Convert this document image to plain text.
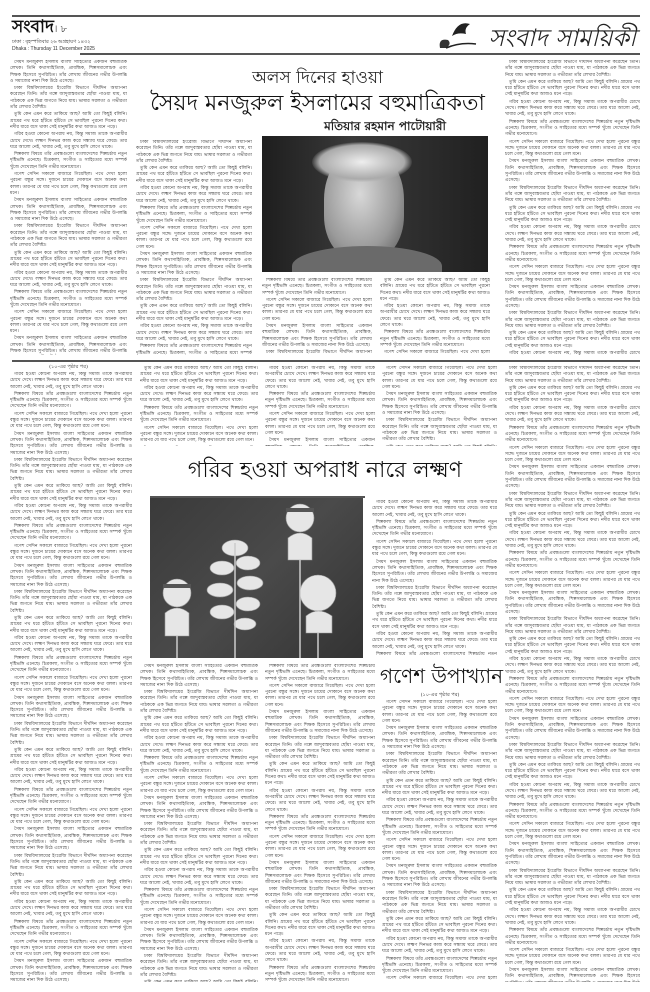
সংবাদ। ৮
ঢাকা : বৃহস্পতিবার ২৬ অগ্রহায়ণ ১৪৩২
Dhaka : Thursday 11 December 2025	সংবাদ সাময়িকী
অলস দিনের হাওয়া
সৈয়দ মনজুরুল ইসলামের বহুমাত্রিকতা
মতিয়ার রহমান পাটোয়ারী

সৈয়দ মনজুরুল ইসলাম বাংলা সাহিত্যের একজন বহুমাত্রিক লেখক। তিনি কথাসাহিত্যিক, প্রাবন্ধিক, শিল্পসমালোচক এবং শিক্ষক হিসেবে সুপরিচিত। তাঁর লেখায় জীবনের গভীর উপলব্ধি ও সমাজের নানা দিক উঠে এসেছে।

ঢাকা বিশ্ববিদ্যালয়ের ইংরেজি বিভাগে দীর্ঘদিন অধ্যাপনা করেছেন তিনি। তাঁর গল্পে জাদুবাস্তবতার ছোঁয়া পাওয়া যায়, যা পাঠককে এক ভিন্ন জগতে নিয়ে যায়। ভাষার সরলতা ও গভীরতা তাঁর লেখার বৈশিষ্ট্য।

তুমি কেন এমন করে তাকিয়ে আছ? আমি তো কিছুই বলিনি। গ্রামের পথ ধরে হাঁটতে হাঁটতে সে ভাবছিল পুরনো দিনের কথা। নদীর ধারে বসে থাকা সেই মানুষটির কথা আজও মনে পড়ে।

গরিব হওয়া কোনো অপরাধ নয়, কিন্তু সমাজ তাকে অপরাধীর চোখে দেখে। লক্ষ্মণ দিনভর কাজ করে সন্ধ্যায় ঘরে ফেরে। তার ঘরে আলো নেই, খাবার নেই, তবু মুখে হাসি লেগে থাকে।

শিল্পকলা বিষয়ে তাঁর প্রবন্ধগুলো বাংলাদেশের শিল্পচর্চায় নতুন দৃষ্টিভঙ্গি এনেছে। চিত্রকলা, সংগীত ও সাহিত্যের মধ্যে সম্পর্ক খুঁজে দেখেছেন তিনি গভীর মনোযোগে।

গণেশ সেদিন সকালে বাজারে গিয়েছিল। পথে দেখা হলো পুরনো বন্ধুর সঙ্গে। দুজনে চায়ের দোকানে বসে অনেক কথা বলল। তারপর যে যার পথে চলে গেল, কিন্তু কথাগুলো রয়ে গেল মনে।

সৈয়দ মনজুরুল ইসলাম বাংলা সাহিত্যের একজন বহুমাত্রিক লেখক। তিনি কথাসাহিত্যিক, প্রাবন্ধিক, শিল্পসমালোচক এবং শিক্ষক হিসেবে সুপরিচিত। তাঁর লেখায় জীবনের গভীর উপলব্ধি ও সমাজের নানা দিক উঠে এসেছে।

ঢাকা বিশ্ববিদ্যালয়ের ইংরেজি বিভাগে দীর্ঘদিন অধ্যাপনা করেছেন তিনি। তাঁর গল্পে জাদুবাস্তবতার ছোঁয়া পাওয়া যায়, যা পাঠককে এক ভিন্ন জগতে নিয়ে যায়। ভাষার সরলতা ও গভীরতা তাঁর লেখার বৈশিষ্ট্য।

তুমি কেন এমন করে তাকিয়ে আছ? আমি তো কিছুই বলিনি। গ্রামের পথ ধরে হাঁটতে হাঁটতে সে ভাবছিল পুরনো দিনের কথা। নদীর ধারে বসে থাকা সেই মানুষটির কথা আজও মনে পড়ে।

গরিব হওয়া কোনো অপরাধ নয়, কিন্তু সমাজ তাকে অপরাধীর চোখে দেখে। লক্ষ্মণ দিনভর কাজ করে সন্ধ্যায় ঘরে ফেরে। তার ঘরে আলো নেই, খাবার নেই, তবু মুখে হাসি লেগে থাকে।

শিল্পকলা বিষয়ে তাঁর প্রবন্ধগুলো বাংলাদেশের শিল্পচর্চায় নতুন দৃষ্টিভঙ্গি এনেছে। চিত্রকলা, সংগীত ও সাহিত্যের মধ্যে সম্পর্ক খুঁজে দেখেছেন তিনি গভীর মনোযোগে।

গণেশ সেদিন সকালে বাজারে গিয়েছিল। পথে দেখা হলো পুরনো বন্ধুর সঙ্গে। দুজনে চায়ের দোকানে বসে অনেক কথা বলল। তারপর যে যার পথে চলে গেল, কিন্তু কথাগুলো রয়ে গেল মনে।

সৈয়দ মনজুরুল ইসলাম বাংলা সাহিত্যের একজন বহুমাত্রিক লেখক। তিনি কথাসাহিত্যিক, প্রাবন্ধিক, শিল্পসমালোচক এবং শিক্ষক হিসেবে সুপরিচিত। তাঁর লেখায় জীবনের গভীর উপলব্ধি

ঢাকা বিশ্ববিদ্যালয়ের ইংরেজি বিভাগে দীর্ঘদিন অধ্যাপনা করেছেন তিনি। তাঁর গল্পে জাদুবাস্তবতার ছোঁয়া পাওয়া যায়, যা পাঠককে এক ভিন্ন জগতে নিয়ে যায়। ভাষার সরলতা ও গভীরতা তাঁর লেখার বৈশিষ্ট্য।

তুমি কেন এমন করে তাকিয়ে আছ? আমি তো কিছুই বলিনি। গ্রামের পথ ধরে হাঁটতে হাঁটতে সে ভাবছিল পুরনো দিনের কথা। নদীর ধারে বসে থাকা সেই মানুষটির কথা আজও মনে পড়ে।

গরিব হওয়া কোনো অপরাধ নয়, কিন্তু সমাজ তাকে অপরাধীর চোখে দেখে। লক্ষ্মণ দিনভর কাজ করে সন্ধ্যায় ঘরে ফেরে। তার ঘরে আলো নেই, খাবার নেই, তবু মুখে হাসি লেগে থাকে।

শিল্পকলা বিষয়ে তাঁর প্রবন্ধগুলো বাংলাদেশের শিল্পচর্চায় নতুন দৃষ্টিভঙ্গি এনেছে। চিত্রকলা, সংগীত ও সাহিত্যের মধ্যে সম্পর্ক খুঁজে দেখেছেন তিনি গভীর মনোযোগে।

গণেশ সেদিন সকালে বাজারে গিয়েছিল। পথে দেখা হলো পুরনো বন্ধুর সঙ্গে। দুজনে চায়ের দোকানে বসে অনেক কথা বলল। তারপর যে যার পথে চলে গেল, কিন্তু কথাগুলো রয়ে গেল মনে।

সৈয়দ মনজুরুল ইসলাম বাংলা সাহিত্যের একজন বহুমাত্রিক লেখক। তিনি কথাসাহিত্যিক, প্রাবন্ধিক, শিল্পসমালোচক এবং শিক্ষক হিসেবে সুপরিচিত। তাঁর লেখায় জীবনের গভীর উপলব্ধি ও সমাজের নানা দিক উঠে এসেছে।

ঢাকা বিশ্ববিদ্যালয়ের ইংরেজি বিভাগে দীর্ঘদিন অধ্যাপনা করেছেন তিনি। তাঁর গল্পে জাদুবাস্তবতার ছোঁয়া পাওয়া যায়, যা পাঠককে এক ভিন্ন জগতে নিয়ে যায়। ভাষার সরলতা ও গভীরতা তাঁর লেখার বৈশিষ্ট্য।

তুমি কেন এমন করে তাকিয়ে আছ? আমি তো কিছুই বলিনি। গ্রামের পথ ধরে হাঁটতে হাঁটতে সে ভাবছিল পুরনো দিনের কথা। নদীর ধারে বসে থাকা সেই মানুষটির কথা আজও মনে পড়ে।

গরিব হওয়া কোনো অপরাধ নয়, কিন্তু সমাজ তাকে অপরাধীর চোখে দেখে। লক্ষ্মণ দিনভর কাজ করে সন্ধ্যায় ঘরে ফেরে। তার ঘরে আলো নেই, খাবার নেই, তবু মুখে হাসি লেগে থাকে।

শিল্পকলা বিষয়ে তাঁর প্রবন্ধগুলো বাংলাদেশের শিল্পচর্চায় নতুন দৃষ্টিভঙ্গি এনেছে। চিত্রকলা, সংগীত ও সাহিত্যের মধ্যে সম্পর্ক

শিল্পকলা বিষয়ে তাঁর প্রবন্ধগুলো বাংলাদেশের শিল্পচর্চায় নতুন দৃষ্টিভঙ্গি এনেছে। চিত্রকলা, সংগীত ও সাহিত্যের মধ্যে সম্পর্ক খুঁজে দেখেছেন তিনি গভীর মনোযোগে।

গণেশ সেদিন সকালে বাজারে গিয়েছিল। পথে দেখা হলো পুরনো বন্ধুর সঙ্গে। দুজনে চায়ের দোকানে বসে অনেক কথা বলল। তারপর যে যার পথে চলে গেল, কিন্তু কথাগুলো রয়ে গেল মনে।

সৈয়দ মনজুরুল ইসলাম বাংলা সাহিত্যের একজন বহুমাত্রিক লেখক। তিনি কথাসাহিত্যিক, প্রাবন্ধিক, শিল্পসমালোচক এবং শিক্ষক হিসেবে সুপরিচিত। তাঁর লেখায় জীবনের গভীর উপলব্ধি ও সমাজের নানা দিক উঠে এসেছে।

ঢাকা বিশ্ববিদ্যালয়ের ইংরেজি বিভাগে দীর্ঘদিন অধ্যাপনা

তুমি কেন এমন করে তাকিয়ে আছ? আমি তো কিছুই বলিনি। গ্রামের পথ ধরে হাঁটতে হাঁটতে সে ভাবছিল পুরনো দিনের কথা। নদীর ধারে বসে থাকা সেই মানুষটির কথা আজও মনে পড়ে।

গরিব হওয়া কোনো অপরাধ নয়, কিন্তু সমাজ তাকে অপরাধীর চোখে দেখে। লক্ষ্মণ দিনভর কাজ করে সন্ধ্যায় ঘরে ফেরে। তার ঘরে আলো নেই, খাবার নেই, তবু মুখে হাসি লেগে থাকে।

শিল্পকলা বিষয়ে তাঁর প্রবন্ধগুলো বাংলাদেশের শিল্পচর্চায় নতুন দৃষ্টিভঙ্গি এনেছে। চিত্রকলা, সংগীত ও সাহিত্যের মধ্যে সম্পর্ক খুঁজে দেখেছেন তিনি গভীর মনোযোগে।

গণেশ সেদিন সকালে বাজারে গিয়েছিল। পথে দেখা হলো

ঢাকা বিশ্ববিদ্যালয়ের ইংরেজি বিভাগে দীর্ঘদিন অধ্যাপনা করেছেন তিনি। তাঁর গল্পে জাদুবাস্তবতার ছোঁয়া পাওয়া যায়, যা পাঠককে এক ভিন্ন জগতে নিয়ে যায়। ভাষার সরলতা ও গভীরতা তাঁর লেখার বৈশিষ্ট্য।

তুমি কেন এমন করে তাকিয়ে আছ? আমি তো কিছুই বলিনি। গ্রামের পথ ধরে হাঁটতে হাঁটতে সে ভাবছিল পুরনো দিনের কথা। নদীর ধারে বসে থাকা সেই মানুষটির কথা আজও মনে পড়ে।

গরিব হওয়া কোনো অপরাধ নয়, কিন্তু সমাজ তাকে অপরাধীর চোখে দেখে। লক্ষ্মণ দিনভর কাজ করে সন্ধ্যায় ঘরে ফেরে। তার ঘরে আলো নেই, খাবার নেই, তবু মুখে হাসি লেগে থাকে।

শিল্পকলা বিষয়ে তাঁর প্রবন্ধগুলো বাংলাদেশের শিল্পচর্চায় নতুন দৃষ্টিভঙ্গি এনেছে। চিত্রকলা, সংগীত ও সাহিত্যের মধ্যে সম্পর্ক খুঁজে দেখেছেন তিনি গভীর মনোযোগে।

গণেশ সেদিন সকালে বাজারে গিয়েছিল। পথে দেখা হলো পুরনো বন্ধুর সঙ্গে। দুজনে চায়ের দোকানে বসে অনেক কথা বলল। তারপর যে যার পথে চলে গেল, কিন্তু কথাগুলো রয়ে গেল মনে।

সৈয়দ মনজুরুল ইসলাম বাংলা সাহিত্যের একজন বহুমাত্রিক লেখক। তিনি কথাসাহিত্যিক, প্রাবন্ধিক, শিল্পসমালোচক এবং শিক্ষক হিসেবে সুপরিচিত। তাঁর লেখায় জীবনের গভীর উপলব্ধি ও সমাজের নানা দিক উঠে এসেছে।

ঢাকা বিশ্ববিদ্যালয়ের ইংরেজি বিভাগে দীর্ঘদিন অধ্যাপনা করেছেন তিনি। তাঁর গল্পে জাদুবাস্তবতার ছোঁয়া পাওয়া যায়, যা পাঠককে এক ভিন্ন জগতে নিয়ে যায়। ভাষার সরলতা ও গভীরতা তাঁর লেখার বৈশিষ্ট্য।

তুমি কেন এমন করে তাকিয়ে আছ? আমি তো কিছুই বলিনি। গ্রামের পথ ধরে হাঁটতে হাঁটতে সে ভাবছিল পুরনো দিনের কথা। নদীর ধারে বসে থাকা সেই মানুষটির কথা আজও মনে পড়ে।

গরিব হওয়া কোনো অপরাধ নয়, কিন্তু সমাজ তাকে অপরাধীর চোখে দেখে। লক্ষ্মণ দিনভর কাজ করে সন্ধ্যায় ঘরে ফেরে। তার ঘরে আলো নেই, খাবার নেই, তবু মুখে হাসি লেগে থাকে।

শিল্পকলা বিষয়ে তাঁর প্রবন্ধগুলো বাংলাদেশের শিল্পচর্চায় নতুন দৃষ্টিভঙ্গি এনেছে। চিত্রকলা, সংগীত ও সাহিত্যের মধ্যে সম্পর্ক খুঁজে দেখেছেন তিনি গভীর মনোযোগে।

গণেশ সেদিন সকালে বাজারে গিয়েছিল। পথে দেখা হলো পুরনো বন্ধুর সঙ্গে। দুজনে চায়ের দোকানে বসে অনেক কথা বলল। তারপর যে যার পথে চলে গেল, কিন্তু কথাগুলো রয়ে গেল মনে।

সৈয়দ মনজুরুল ইসলাম বাংলা সাহিত্যের একজন বহুমাত্রিক লেখক। তিনি কথাসাহিত্যিক, প্রাবন্ধিক, শিল্পসমালোচক এবং শিক্ষক হিসেবে সুপরিচিত। তাঁর লেখায় জীবনের গভীর উপলব্ধি ও সমাজের নানা দিক উঠে এসেছে।

ঢাকা বিশ্ববিদ্যালয়ের ইংরেজি বিভাগে দীর্ঘদিন অধ্যাপনা করেছেন তিনি। তাঁর গল্পে জাদুবাস্তবতার ছোঁয়া পাওয়া যায়, যা পাঠককে এক ভিন্ন জগতে নিয়ে যায়। ভাষার সরলতা ও গভীরতা তাঁর লেখার বৈশিষ্ট্য।

তুমি কেন এমন করে তাকিয়ে আছ? আমি তো কিছুই বলিনি। গ্রামের পথ ধরে হাঁটতে হাঁটতে সে ভাবছিল পুরনো দিনের কথা। নদীর ধারে বসে থাকা সেই মানুষটির কথা আজও মনে পড়ে।

গরিব হওয়া কোনো অপরাধ নয়, কিন্তু সমাজ তাকে অপরাধীর চোখে

(১০-এর পৃষ্ঠার পর)

গরিব হওয়া কোনো অপরাধ নয়, কিন্তু সমাজ তাকে অপরাধীর চোখে দেখে। লক্ষ্মণ দিনভর কাজ করে সন্ধ্যায় ঘরে ফেরে। তার ঘরে আলো নেই, খাবার নেই, তবু মুখে হাসি লেগে থাকে।

শিল্পকলা বিষয়ে তাঁর প্রবন্ধগুলো বাংলাদেশের শিল্পচর্চায় নতুন দৃষ্টিভঙ্গি এনেছে। চিত্রকলা, সংগীত ও সাহিত্যের মধ্যে সম্পর্ক খুঁজে দেখেছেন তিনি গভীর মনোযোগে।

গণেশ সেদিন সকালে বাজারে গিয়েছিল। পথে দেখা হলো পুরনো বন্ধুর সঙ্গে। দুজনে চায়ের দোকানে বসে অনেক কথা বলল। তারপর যে যার পথে চলে গেল, কিন্তু কথাগুলো রয়ে গেল মনে।

সৈয়দ মনজুরুল ইসলাম বাংলা সাহিত্যের একজন বহুমাত্রিক লেখক। তিনি কথাসাহিত্যিক, প্রাবন্ধিক, শিল্পসমালোচক এবং শিক্ষক হিসেবে সুপরিচিত। তাঁর লেখায় জীবনের গভীর উপলব্ধি ও সমাজের নানা দিক উঠে এসেছে।

ঢাকা বিশ্ববিদ্যালয়ের ইংরেজি বিভাগে দীর্ঘদিন অধ্যাপনা করেছেন তিনি। তাঁর গল্পে জাদুবাস্তবতার ছোঁয়া পাওয়া যায়, যা পাঠককে এক ভিন্ন জগতে নিয়ে যায়। ভাষার সরলতা ও গভীরতা তাঁর লেখার বৈশিষ্ট্য।

তুমি কেন এমন করে তাকিয়ে আছ? আমি তো কিছুই বলিনি। গ্রামের পথ ধরে হাঁটতে হাঁটতে সে ভাবছিল পুরনো দিনের কথা। নদীর ধারে বসে থাকা সেই মানুষটির কথা আজও মনে পড়ে।

গরিব হওয়া কোনো অপরাধ নয়, কিন্তু সমাজ তাকে অপরাধীর চোখে দেখে। লক্ষ্মণ দিনভর কাজ করে সন্ধ্যায় ঘরে ফেরে। তার ঘরে আলো নেই, খাবার নেই, তবু মুখে হাসি লেগে থাকে।

শিল্পকলা বিষয়ে তাঁর প্রবন্ধগুলো বাংলাদেশের শিল্পচর্চায় নতুন দৃষ্টিভঙ্গি এনেছে। চিত্রকলা, সংগীত ও সাহিত্যের মধ্যে সম্পর্ক খুঁজে দেখেছেন তিনি গভীর মনোযোগে।

গণেশ সেদিন সকালে বাজারে গিয়েছিল। পথে দেখা হলো পুরনো বন্ধুর সঙ্গে। দুজনে চায়ের দোকানে বসে অনেক কথা বলল। তারপর যে যার পথে চলে গেল, কিন্তু কথাগুলো রয়ে গেল মনে।

সৈয়দ মনজুরুল ইসলাম বাংলা সাহিত্যের একজন বহুমাত্রিক লেখক। তিনি কথাসাহিত্যিক, প্রাবন্ধিক, শিল্পসমালোচক এবং শিক্ষক হিসেবে সুপরিচিত। তাঁর লেখায় জীবনের গভীর উপলব্ধি ও সমাজের নানা দিক উঠে এসেছে।

ঢাকা বিশ্ববিদ্যালয়ের ইংরেজি বিভাগে দীর্ঘদিন অধ্যাপনা করেছেন তিনি। তাঁর গল্পে জাদুবাস্তবতার ছোঁয়া পাওয়া যায়, যা পাঠককে এক ভিন্ন জগতে নিয়ে যায়। ভাষার সরলতা ও গভীরতা তাঁর লেখার বৈশিষ্ট্য।

তুমি কেন এমন করে তাকিয়ে আছ? আমি তো কিছুই বলিনি। গ্রামের পথ ধরে হাঁটতে হাঁটতে সে ভাবছিল পুরনো দিনের কথা। নদীর ধারে বসে থাকা সেই মানুষটির কথা আজও মনে পড়ে।

গরিব হওয়া কোনো অপরাধ নয়, কিন্তু সমাজ তাকে অপরাধীর চোখে দেখে। লক্ষ্মণ দিনভর কাজ করে সন্ধ্যায় ঘরে ফেরে। তার ঘরে আলো নেই, খাবার নেই, তবু মুখে হাসি লেগে থাকে।

শিল্পকলা বিষয়ে তাঁর প্রবন্ধগুলো বাংলাদেশের শিল্পচর্চায় নতুন দৃষ্টিভঙ্গি এনেছে। চিত্রকলা, সংগীত ও সাহিত্যের মধ্যে সম্পর্ক খুঁজে দেখেছেন তিনি গভীর মনোযোগে।

গণেশ সেদিন সকালে বাজারে গিয়েছিল। পথে দেখা হলো পুরনো বন্ধুর সঙ্গে। দুজনে চায়ের দোকানে বসে অনেক কথা বলল। তারপর যে যার পথে চলে গেল, কিন্তু কথাগুলো রয়ে গেল মনে।

সৈয়দ মনজুরুল ইসলাম বাংলা সাহিত্যের একজন বহুমাত্রিক লেখক। তিনি কথাসাহিত্যিক, প্রাবন্ধিক, শিল্পসমালোচক এবং শিক্ষক হিসেবে সুপরিচিত। তাঁর লেখায় জীবনের গভীর উপলব্ধি ও সমাজের নানা দিক উঠে এসেছে।

ঢাকা বিশ্ববিদ্যালয়ের ইংরেজি বিভাগে দীর্ঘদিন অধ্যাপনা করেছেন তিনি। তাঁর গল্পে জাদুবাস্তবতার ছোঁয়া পাওয়া যায়, যা পাঠককে এক ভিন্ন জগতে নিয়ে যায়। ভাষার সরলতা ও গভীরতা তাঁর লেখার বৈশিষ্ট্য।

তুমি কেন এমন করে তাকিয়ে আছ? আমি তো কিছুই বলিনি। গ্রামের পথ ধরে হাঁটতে হাঁটতে সে ভাবছিল পুরনো দিনের কথা। নদীর ধারে বসে থাকা সেই মানুষটির কথা আজও মনে পড়ে।

গরিব হওয়া কোনো অপরাধ নয়, কিন্তু সমাজ তাকে অপরাধীর চোখে দেখে। লক্ষ্মণ দিনভর কাজ করে সন্ধ্যায় ঘরে ফেরে। তার ঘরে আলো নেই, খাবার নেই, তবু মুখে হাসি লেগে থাকে।

শিল্পকলা বিষয়ে তাঁর প্রবন্ধগুলো বাংলাদেশের শিল্পচর্চায় নতুন দৃষ্টিভঙ্গি এনেছে। চিত্রকলা, সংগীত ও সাহিত্যের মধ্যে সম্পর্ক খুঁজে দেখেছেন তিনি গভীর মনোযোগে।

গণেশ সেদিন সকালে বাজারে গিয়েছিল। পথে দেখা হলো পুরনো বন্ধুর সঙ্গে। দুজনে চায়ের দোকানে বসে অনেক কথা বলল। তারপর যে যার পথে চলে গেল, কিন্তু কথাগুলো রয়ে গেল মনে।

সৈয়দ মনজুরুল ইসলাম বাংলা সাহিত্যের একজন বহুমাত্রিক লেখক। তিনি কথাসাহিত্যিক, প্রাবন্ধিক, শিল্পসমালোচক এবং শিক্ষক হিসেবে সুপরিচিত। তাঁর লেখায় জীবনের গভীর উপলব্ধি ও সমাজের নানা দিক উঠে এসেছে।

ঢাকা বিশ্ববিদ্যালয়ের ইংরেজি বিভাগে দীর্ঘদিন অধ্যাপনা করেছেন তিনি। তাঁর গল্পে জাদুবাস্তবতার ছোঁয়া পাওয়া যায়, যা পাঠককে এক ভিন্ন জগতে নিয়ে যায়। ভাষার সরলতা ও গভীরতা তাঁর লেখার বৈশিষ্ট্য।

তুমি কেন এমন করে তাকিয়ে আছ? আমি তো কিছুই বলিনি। গ্রামের পথ ধরে হাঁটতে হাঁটতে সে ভাবছিল পুরনো দিনের কথা। নদীর ধারে বসে থাকা সেই মানুষটির কথা আজও মনে পড়ে।

গরিব হওয়া কোনো অপরাধ নয়, কিন্তু সমাজ তাকে অপরাধীর চোখে দেখে। লক্ষ্মণ দিনভর কাজ করে সন্ধ্যায় ঘরে ফেরে। তার ঘরে আলো নেই, খাবার নেই, তবু মুখে হাসি লেগে থাকে।

শিল্পকলা বিষয়ে তাঁর প্রবন্ধগুলো বাংলাদেশের শিল্পচর্চায় নতুন দৃষ্টিভঙ্গি এনেছে। চিত্রকলা, সংগীত ও সাহিত্যের মধ্যে সম্পর্ক খুঁজে দেখেছেন তিনি গভীর মনোযোগে।

গণেশ সেদিন সকালে বাজারে গিয়েছিল। পথে দেখা হলো পুরনো বন্ধুর সঙ্গে। দুজনে চায়ের দোকানে বসে অনেক কথা বলল। তারপর যে যার পথে চলে গেল, কিন্তু কথাগুলো রয়ে গেল মনে।

সৈয়দ মনজুরুল ইসলাম বাংলা সাহিত্যের একজন বহুমাত্রিক লেখক। তিনি কথাসাহিত্যিক, প্রাবন্ধিক, শিল্পসমালোচক এবং শিক্ষক হিসেবে সুপরিচিত। তাঁর লেখায় জীবনের গভীর উপলব্ধি ও সমাজের নানা দিক উঠে এসেছে।

তুমি কেন এমন করে তাকিয়ে আছ? আমি তো কিছুই বলিনি। গ্রামের পথ ধরে হাঁটতে হাঁটতে সে ভাবছিল পুরনো দিনের কথা। নদীর ধারে বসে থাকা সেই মানুষটির কথা আজও মনে পড়ে।

গরিব হওয়া কোনো অপরাধ নয়, কিন্তু সমাজ তাকে অপরাধীর চোখে দেখে। লক্ষ্মণ দিনভর কাজ করে সন্ধ্যায় ঘরে ফেরে। তার ঘরে আলো নেই, খাবার নেই, তবু মুখে হাসি লেগে থাকে।

শিল্পকলা বিষয়ে তাঁর প্রবন্ধগুলো বাংলাদেশের শিল্পচর্চায় নতুন দৃষ্টিভঙ্গি এনেছে। চিত্রকলা, সংগীত ও সাহিত্যের মধ্যে সম্পর্ক খুঁজে দেখেছেন তিনি গভীর মনোযোগে।

গণেশ সেদিন সকালে বাজারে গিয়েছিল। পথে দেখা হলো পুরনো বন্ধুর সঙ্গে। দুজনে চায়ের দোকানে বসে অনেক কথা বলল। তারপর যে যার পথে চলে গেল, কিন্তু কথাগুলো রয়ে গেল মনে।

গরিব হওয়া কোনো অপরাধ নয়, কিন্তু সমাজ তাকে অপরাধীর চোখে দেখে। লক্ষ্মণ দিনভর কাজ করে সন্ধ্যায় ঘরে ফেরে। তার ঘরে আলো নেই, খাবার নেই, তবু মুখে হাসি লেগে থাকে।

শিল্পকলা বিষয়ে তাঁর প্রবন্ধগুলো বাংলাদেশের শিল্পচর্চায় নতুন দৃষ্টিভঙ্গি এনেছে। চিত্রকলা, সংগীত ও সাহিত্যের মধ্যে সম্পর্ক খুঁজে দেখেছেন তিনি গভীর মনোযোগে।

গণেশ সেদিন সকালে বাজারে গিয়েছিল। পথে দেখা হলো পুরনো বন্ধুর সঙ্গে। দুজনে চায়ের দোকানে বসে অনেক কথা বলল। তারপর যে যার পথে চলে গেল, কিন্তু কথাগুলো রয়ে গেল মনে।

সৈয়দ মনজুরুল ইসলাম বাংলা সাহিত্যের একজন

গণেশ সেদিন সকালে বাজারে গিয়েছিল। পথে দেখা হলো পুরনো বন্ধুর সঙ্গে। দুজনে চায়ের দোকানে বসে অনেক কথা বলল। তারপর যে যার পথে চলে গেল, কিন্তু কথাগুলো রয়ে গেল মনে।

সৈয়দ মনজুরুল ইসলাম বাংলা সাহিত্যের একজন বহুমাত্রিক লেখক। তিনি কথাসাহিত্যিক, প্রাবন্ধিক, শিল্পসমালোচক এবং শিক্ষক হিসেবে সুপরিচিত। তাঁর লেখায় জীবনের গভীর উপলব্ধি ও সমাজের নানা দিক উঠে এসেছে।

ঢাকা বিশ্ববিদ্যালয়ের ইংরেজি বিভাগে দীর্ঘদিন অধ্যাপনা করেছেন তিনি। তাঁর গল্পে জাদুবাস্তবতার ছোঁয়া পাওয়া যায়, যা পাঠককে এক ভিন্ন জগতে নিয়ে যায়। ভাষার সরলতা ও গভীরতা তাঁর লেখার বৈশিষ্ট্য।

গরিব হওয়া অপরাধ নারে লক্ষ্মণ

সৈয়দ মনজুরুল ইসলাম বাংলা সাহিত্যের একজন বহুমাত্রিক লেখক। তিনি কথাসাহিত্যিক, প্রাবন্ধিক, শিল্পসমালোচক এবং শিক্ষক হিসেবে সুপরিচিত। তাঁর লেখায় জীবনের গভীর উপলব্ধি ও সমাজের নানা দিক উঠে এসেছে।

ঢাকা বিশ্ববিদ্যালয়ের ইংরেজি বিভাগে দীর্ঘদিন অধ্যাপনা করেছেন তিনি। তাঁর গল্পে জাদুবাস্তবতার ছোঁয়া পাওয়া যায়, যা পাঠককে এক ভিন্ন জগতে নিয়ে যায়। ভাষার সরলতা ও গভীরতা তাঁর লেখার বৈশিষ্ট্য।

তুমি কেন এমন করে তাকিয়ে আছ? আমি তো কিছুই বলিনি। গ্রামের পথ ধরে হাঁটতে হাঁটতে সে ভাবছিল পুরনো দিনের কথা। নদীর ধারে বসে থাকা সেই মানুষটির কথা আজও মনে পড়ে।

গরিব হওয়া কোনো অপরাধ নয়, কিন্তু সমাজ তাকে অপরাধীর চোখে দেখে। লক্ষ্মণ দিনভর কাজ করে সন্ধ্যায় ঘরে ফেরে। তার ঘরে আলো নেই, খাবার নেই, তবু মুখে হাসি লেগে থাকে।

শিল্পকলা বিষয়ে তাঁর প্রবন্ধগুলো বাংলাদেশের শিল্পচর্চায় নতুন দৃষ্টিভঙ্গি এনেছে। চিত্রকলা, সংগীত ও সাহিত্যের মধ্যে সম্পর্ক খুঁজে দেখেছেন তিনি গভীর মনোযোগে।

গণেশ সেদিন সকালে বাজারে গিয়েছিল। পথে দেখা হলো পুরনো বন্ধুর সঙ্গে। দুজনে চায়ের দোকানে বসে অনেক কথা বলল। তারপর যে যার পথে চলে গেল, কিন্তু কথাগুলো রয়ে গেল মনে।

সৈয়দ মনজুরুল ইসলাম বাংলা সাহিত্যের একজন বহুমাত্রিক লেখক। তিনি কথাসাহিত্যিক, প্রাবন্ধিক, শিল্পসমালোচক এবং শিক্ষক হিসেবে সুপরিচিত। তাঁর লেখায় জীবনের গভীর উপলব্ধি ও সমাজের নানা দিক উঠে এসেছে।

ঢাকা বিশ্ববিদ্যালয়ের ইংরেজি বিভাগে দীর্ঘদিন অধ্যাপনা করেছেন তিনি। তাঁর গল্পে জাদুবাস্তবতার ছোঁয়া পাওয়া যায়, যা পাঠককে এক ভিন্ন জগতে নিয়ে যায়। ভাষার সরলতা ও গভীরতা তাঁর লেখার বৈশিষ্ট্য।

তুমি কেন এমন করে তাকিয়ে আছ? আমি তো কিছুই বলিনি। গ্রামের পথ ধরে হাঁটতে হাঁটতে সে ভাবছিল পুরনো দিনের কথা। নদীর ধারে বসে থাকা সেই মানুষটির কথা আজও মনে পড়ে।

গরিব হওয়া কোনো অপরাধ নয়, কিন্তু সমাজ তাকে অপরাধীর চোখে দেখে। লক্ষ্মণ দিনভর কাজ করে সন্ধ্যায় ঘরে ফেরে। তার ঘরে আলো নেই, খাবার নেই, তবু মুখে হাসি লেগে থাকে।

শিল্পকলা বিষয়ে তাঁর প্রবন্ধগুলো বাংলাদেশের শিল্পচর্চায় নতুন দৃষ্টিভঙ্গি এনেছে। চিত্রকলা, সংগীত ও সাহিত্যের মধ্যে সম্পর্ক খুঁজে দেখেছেন তিনি গভীর মনোযোগে।

গণেশ সেদিন সকালে বাজারে গিয়েছিল। পথে দেখা হলো পুরনো বন্ধুর সঙ্গে। দুজনে চায়ের দোকানে বসে অনেক কথা বলল। তারপর যে যার পথে চলে গেল, কিন্তু কথাগুলো রয়ে গেল মনে।

সৈয়দ মনজুরুল ইসলাম বাংলা সাহিত্যের একজন বহুমাত্রিক লেখক। তিনি কথাসাহিত্যিক, প্রাবন্ধিক, শিল্পসমালোচক এবং শিক্ষক হিসেবে সুপরিচিত। তাঁর লেখায় জীবনের গভীর উপলব্ধি ও সমাজের নানা দিক উঠে এসেছে।

ঢাকা বিশ্ববিদ্যালয়ের ইংরেজি বিভাগে দীর্ঘদিন অধ্যাপনা করেছেন তিনি। তাঁর গল্পে জাদুবাস্তবতার ছোঁয়া পাওয়া যায়, যা পাঠককে এক ভিন্ন জগতে নিয়ে যায়। ভাষার সরলতা ও গভীরতা তাঁর লেখার বৈশিষ্ট্য।

শিল্পকলা বিষয়ে তাঁর প্রবন্ধগুলো বাংলাদেশের শিল্পচর্চায় নতুন দৃষ্টিভঙ্গি এনেছে। চিত্রকলা, সংগীত ও সাহিত্যের মধ্যে সম্পর্ক খুঁজে দেখেছেন তিনি গভীর মনোযোগে।

গণেশ সেদিন সকালে বাজারে গিয়েছিল। পথে দেখা হলো পুরনো বন্ধুর সঙ্গে। দুজনে চায়ের দোকানে বসে অনেক কথা বলল। তারপর যে যার পথে চলে গেল, কিন্তু কথাগুলো রয়ে গেল মনে।

সৈয়দ মনজুরুল ইসলাম বাংলা সাহিত্যের একজন বহুমাত্রিক লেখক। তিনি কথাসাহিত্যিক, প্রাবন্ধিক, শিল্পসমালোচক এবং শিক্ষক হিসেবে সুপরিচিত। তাঁর লেখায় জীবনের গভীর উপলব্ধি ও সমাজের নানা দিক উঠে এসেছে।

ঢাকা বিশ্ববিদ্যালয়ের ইংরেজি বিভাগে দীর্ঘদিন অধ্যাপনা করেছেন তিনি। তাঁর গল্পে জাদুবাস্তবতার ছোঁয়া পাওয়া যায়, যা পাঠককে এক ভিন্ন জগতে নিয়ে যায়। ভাষার সরলতা ও গভীরতা তাঁর লেখার বৈশিষ্ট্য।

তুমি কেন এমন করে তাকিয়ে আছ? আমি তো কিছুই বলিনি। গ্রামের পথ ধরে হাঁটতে হাঁটতে সে ভাবছিল পুরনো দিনের কথা। নদীর ধারে বসে থাকা সেই মানুষটির কথা আজও মনে পড়ে।

গরিব হওয়া কোনো অপরাধ নয়, কিন্তু সমাজ তাকে অপরাধীর চোখে দেখে। লক্ষ্মণ দিনভর কাজ করে সন্ধ্যায় ঘরে ফেরে। তার ঘরে আলো নেই, খাবার নেই, তবু মুখে হাসি লেগে থাকে।

শিল্পকলা বিষয়ে তাঁর প্রবন্ধগুলো বাংলাদেশের শিল্পচর্চায় নতুন দৃষ্টিভঙ্গি এনেছে। চিত্রকলা, সংগীত ও সাহিত্যের মধ্যে সম্পর্ক খুঁজে দেখেছেন তিনি গভীর মনোযোগে।

গণেশ সেদিন সকালে বাজারে গিয়েছিল। পথে দেখা হলো পুরনো বন্ধুর সঙ্গে। দুজনে চায়ের দোকানে বসে অনেক কথা বলল। তারপর যে যার পথে চলে গেল, কিন্তু কথাগুলো রয়ে গেল মনে।

সৈয়দ মনজুরুল ইসলাম বাংলা সাহিত্যের একজন বহুমাত্রিক লেখক। তিনি কথাসাহিত্যিক, প্রাবন্ধিক, শিল্পসমালোচক এবং শিক্ষক হিসেবে সুপরিচিত। তাঁর লেখায় জীবনের গভীর উপলব্ধি ও সমাজের নানা দিক উঠে এসেছে।

ঢাকা বিশ্ববিদ্যালয়ের ইংরেজি বিভাগে দীর্ঘদিন অধ্যাপনা করেছেন তিনি। তাঁর গল্পে জাদুবাস্তবতার ছোঁয়া পাওয়া যায়, যা পাঠককে এক ভিন্ন জগতে নিয়ে যায়। ভাষার সরলতা ও গভীরতা তাঁর লেখার বৈশিষ্ট্য।

তুমি কেন এমন করে তাকিয়ে আছ? আমি তো কিছুই বলিনি। গ্রামের পথ ধরে হাঁটতে হাঁটতে সে ভাবছিল পুরনো দিনের কথা। নদীর ধারে বসে থাকা সেই মানুষটির কথা আজও মনে পড়ে।

গরিব হওয়া কোনো অপরাধ নয়, কিন্তু সমাজ তাকে অপরাধীর চোখে দেখে। লক্ষ্মণ দিনভর কাজ করে সন্ধ্যায় ঘরে ফেরে। তার ঘরে আলো নেই, খাবার নেই, তবু মুখে হাসি লেগে থাকে।

শিল্পকলা বিষয়ে তাঁর প্রবন্ধগুলো বাংলাদেশের শিল্পচর্চায় নতুন দৃষ্টিভঙ্গি এনেছে। চিত্রকলা, সংগীত ও সাহিত্যের মধ্যে সম্পর্ক খুঁজে দেখেছেন তিনি গভীর মনোযোগে।

গরিব হওয়া কোনো অপরাধ নয়, কিন্তু সমাজ তাকে অপরাধীর চোখে দেখে। লক্ষ্মণ দিনভর কাজ করে সন্ধ্যায় ঘরে ফেরে। তার ঘরে আলো নেই, খাবার নেই, তবু মুখে হাসি লেগে থাকে।

শিল্পকলা বিষয়ে তাঁর প্রবন্ধগুলো বাংলাদেশের শিল্পচর্চায় নতুন দৃষ্টিভঙ্গি এনেছে। চিত্রকলা, সংগীত ও সাহিত্যের মধ্যে সম্পর্ক খুঁজে দেখেছেন তিনি গভীর মনোযোগে।

গণেশ সেদিন সকালে বাজারে গিয়েছিল। পথে দেখা হলো পুরনো বন্ধুর সঙ্গে। দুজনে চায়ের দোকানে বসে অনেক কথা বলল। তারপর যে যার পথে চলে গেল, কিন্তু কথাগুলো রয়ে গেল মনে।

সৈয়দ মনজুরুল ইসলাম বাংলা সাহিত্যের একজন বহুমাত্রিক লেখক। তিনি কথাসাহিত্যিক, প্রাবন্ধিক, শিল্পসমালোচক এবং শিক্ষক হিসেবে সুপরিচিত। তাঁর লেখায় জীবনের গভীর উপলব্ধি ও সমাজের নানা দিক উঠে এসেছে।

ঢাকা বিশ্ববিদ্যালয়ের ইংরেজি বিভাগে দীর্ঘদিন অধ্যাপনা করেছেন তিনি। তাঁর গল্পে জাদুবাস্তবতার ছোঁয়া পাওয়া যায়, যা পাঠককে এক ভিন্ন জগতে নিয়ে যায়। ভাষার সরলতা ও গভীরতা তাঁর লেখার বৈশিষ্ট্য।

তুমি কেন এমন করে তাকিয়ে আছ? আমি তো কিছুই বলিনি। গ্রামের পথ ধরে হাঁটতে হাঁটতে সে ভাবছিল পুরনো দিনের কথা। নদীর ধারে বসে থাকা সেই মানুষটির কথা আজও মনে পড়ে।

গরিব হওয়া কোনো অপরাধ নয়, কিন্তু সমাজ তাকে অপরাধীর চোখে দেখে। লক্ষ্মণ দিনভর কাজ করে সন্ধ্যায় ঘরে ফেরে। তার ঘরে আলো নেই, খাবার নেই, তবু মুখে হাসি লেগে থাকে।

শিল্পকলা বিষয়ে তাঁর প্রবন্ধগুলো বাংলাদেশের শিল্পচর্চায় নতুন

গণেশ উপাখ্যান
(১০-এর পৃষ্ঠার পর)

গণেশ সেদিন সকালে বাজারে গিয়েছিল। পথে দেখা হলো পুরনো বন্ধুর সঙ্গে। দুজনে চায়ের দোকানে বসে অনেক কথা বলল। তারপর যে যার পথে চলে গেল, কিন্তু কথাগুলো রয়ে গেল মনে।

সৈয়দ মনজুরুল ইসলাম বাংলা সাহিত্যের একজন বহুমাত্রিক লেখক। তিনি কথাসাহিত্যিক, প্রাবন্ধিক, শিল্পসমালোচক এবং শিক্ষক হিসেবে সুপরিচিত। তাঁর লেখায় জীবনের গভীর উপলব্ধি ও সমাজের নানা দিক উঠে এসেছে।

ঢাকা বিশ্ববিদ্যালয়ের ইংরেজি বিভাগে দীর্ঘদিন অধ্যাপনা করেছেন তিনি। তাঁর গল্পে জাদুবাস্তবতার ছোঁয়া পাওয়া যায়, যা পাঠককে এক ভিন্ন জগতে নিয়ে যায়। ভাষার সরলতা ও গভীরতা তাঁর লেখার বৈশিষ্ট্য।

তুমি কেন এমন করে তাকিয়ে আছ? আমি তো কিছুই বলিনি। গ্রামের পথ ধরে হাঁটতে হাঁটতে সে ভাবছিল পুরনো দিনের কথা। নদীর ধারে বসে থাকা সেই মানুষটির কথা আজও মনে পড়ে।

গরিব হওয়া কোনো অপরাধ নয়, কিন্তু সমাজ তাকে অপরাধীর চোখে দেখে। লক্ষ্মণ দিনভর কাজ করে সন্ধ্যায় ঘরে ফেরে। তার ঘরে আলো নেই, খাবার নেই, তবু মুখে হাসি লেগে থাকে।

শিল্পকলা বিষয়ে তাঁর প্রবন্ধগুলো বাংলাদেশের শিল্পচর্চায় নতুন দৃষ্টিভঙ্গি এনেছে। চিত্রকলা, সংগীত ও সাহিত্যের মধ্যে সম্পর্ক খুঁজে দেখেছেন তিনি গভীর মনোযোগে।

গণেশ সেদিন সকালে বাজারে গিয়েছিল। পথে দেখা হলো পুরনো বন্ধুর সঙ্গে। দুজনে চায়ের দোকানে বসে অনেক কথা বলল। তারপর যে যার পথে চলে গেল, কিন্তু কথাগুলো রয়ে গেল মনে।

সৈয়দ মনজুরুল ইসলাম বাংলা সাহিত্যের একজন বহুমাত্রিক লেখক। তিনি কথাসাহিত্যিক, প্রাবন্ধিক, শিল্পসমালোচক এবং শিক্ষক হিসেবে সুপরিচিত। তাঁর লেখায় জীবনের গভীর উপলব্ধি ও সমাজের নানা দিক উঠে এসেছে।

ঢাকা বিশ্ববিদ্যালয়ের ইংরেজি বিভাগে দীর্ঘদিন অধ্যাপনা করেছেন তিনি। তাঁর গল্পে জাদুবাস্তবতার ছোঁয়া পাওয়া যায়, যা পাঠককে এক ভিন্ন জগতে নিয়ে যায়। ভাষার সরলতা ও গভীরতা তাঁর লেখার বৈশিষ্ট্য।

তুমি কেন এমন করে তাকিয়ে আছ? আমি তো কিছুই বলিনি। গ্রামের পথ ধরে হাঁটতে হাঁটতে সে ভাবছিল পুরনো দিনের কথা। নদীর ধারে বসে থাকা সেই মানুষটির কথা আজও মনে পড়ে।

গরিব হওয়া কোনো অপরাধ নয়, কিন্তু সমাজ তাকে অপরাধীর চোখে দেখে। লক্ষ্মণ দিনভর কাজ করে সন্ধ্যায় ঘরে ফেরে। তার ঘরে আলো নেই, খাবার নেই, তবু মুখে হাসি লেগে থাকে।

শিল্পকলা বিষয়ে তাঁর প্রবন্ধগুলো বাংলাদেশের শিল্পচর্চায় নতুন দৃষ্টিভঙ্গি এনেছে। চিত্রকলা, সংগীত ও সাহিত্যের মধ্যে সম্পর্ক খুঁজে দেখেছেন তিনি গভীর মনোযোগে।

গণেশ সেদিন সকালে বাজারে গিয়েছিল। পথে দেখা হলো

ঢাকা বিশ্ববিদ্যালয়ের ইংরেজি বিভাগে দীর্ঘদিন অধ্যাপনা করেছেন তিনি। তাঁর গল্পে জাদুবাস্তবতার ছোঁয়া পাওয়া যায়, যা পাঠককে এক ভিন্ন জগতে নিয়ে যায়। ভাষার সরলতা ও গভীরতা তাঁর লেখার বৈশিষ্ট্য।

তুমি কেন এমন করে তাকিয়ে আছ? আমি তো কিছুই বলিনি। গ্রামের পথ ধরে হাঁটতে হাঁটতে সে ভাবছিল পুরনো দিনের কথা। নদীর ধারে বসে থাকা সেই মানুষটির কথা আজও মনে পড়ে।

গরিব হওয়া কোনো অপরাধ নয়, কিন্তু সমাজ তাকে অপরাধীর চোখে দেখে। লক্ষ্মণ দিনভর কাজ করে সন্ধ্যায় ঘরে ফেরে। তার ঘরে আলো নেই, খাবার নেই, তবু মুখে হাসি লেগে থাকে।

শিল্পকলা বিষয়ে তাঁর প্রবন্ধগুলো বাংলাদেশের শিল্পচর্চায় নতুন দৃষ্টিভঙ্গি এনেছে। চিত্রকলা, সংগীত ও সাহিত্যের মধ্যে সম্পর্ক খুঁজে দেখেছেন তিনি গভীর মনোযোগে।

গণেশ সেদিন সকালে বাজারে গিয়েছিল। পথে দেখা হলো পুরনো বন্ধুর সঙ্গে। দুজনে চায়ের দোকানে বসে অনেক কথা বলল। তারপর যে যার পথে চলে গেল, কিন্তু কথাগুলো রয়ে গেল মনে।

সৈয়দ মনজুরুল ইসলাম বাংলা সাহিত্যের একজন বহুমাত্রিক লেখক। তিনি কথাসাহিত্যিক, প্রাবন্ধিক, শিল্পসমালোচক এবং শিক্ষক হিসেবে সুপরিচিত। তাঁর লেখায় জীবনের গভীর উপলব্ধি ও সমাজের নানা দিক উঠে এসেছে।

ঢাকা বিশ্ববিদ্যালয়ের ইংরেজি বিভাগে দীর্ঘদিন অধ্যাপনা করেছেন তিনি। তাঁর গল্পে জাদুবাস্তবতার ছোঁয়া পাওয়া যায়, যা পাঠককে এক ভিন্ন জগতে নিয়ে যায়। ভাষার সরলতা ও গভীরতা তাঁর লেখার বৈশিষ্ট্য।

তুমি কেন এমন করে তাকিয়ে আছ? আমি তো কিছুই বলিনি। গ্রামের পথ ধরে হাঁটতে হাঁটতে সে ভাবছিল পুরনো দিনের কথা। নদীর ধারে বসে থাকা সেই মানুষটির কথা আজও মনে পড়ে।

গরিব হওয়া কোনো অপরাধ নয়, কিন্তু সমাজ তাকে অপরাধীর চোখে দেখে। লক্ষ্মণ দিনভর কাজ করে সন্ধ্যায় ঘরে ফেরে। তার ঘরে আলো নেই, খাবার নেই, তবু মুখে হাসি লেগে থাকে।

শিল্পকলা বিষয়ে তাঁর প্রবন্ধগুলো বাংলাদেশের শিল্পচর্চায় নতুন দৃষ্টিভঙ্গি এনেছে। চিত্রকলা, সংগীত ও সাহিত্যের মধ্যে সম্পর্ক খুঁজে দেখেছেন তিনি গভীর মনোযোগে।

গণেশ সেদিন সকালে বাজারে গিয়েছিল। পথে দেখা হলো পুরনো বন্ধুর সঙ্গে। দুজনে চায়ের দোকানে বসে অনেক কথা বলল। তারপর যে যার পথে চলে গেল, কিন্তু কথাগুলো রয়ে গেল মনে।

সৈয়দ মনজুরুল ইসলাম বাংলা সাহিত্যের একজন বহুমাত্রিক লেখক। তিনি কথাসাহিত্যিক, প্রাবন্ধিক, শিল্পসমালোচক এবং শিক্ষক হিসেবে সুপরিচিত। তাঁর লেখায় জীবনের গভীর উপলব্ধি ও সমাজের নানা দিক উঠে এসেছে।

ঢাকা বিশ্ববিদ্যালয়ের ইংরেজি বিভাগে দীর্ঘদিন অধ্যাপনা করেছেন তিনি। তাঁর গল্পে জাদুবাস্তবতার ছোঁয়া পাওয়া যায়, যা পাঠককে এক ভিন্ন জগতে নিয়ে যায়। ভাষার সরলতা ও গভীরতা তাঁর লেখার বৈশিষ্ট্য।

তুমি কেন এমন করে তাকিয়ে আছ? আমি তো কিছুই বলিনি। গ্রামের পথ ধরে হাঁটতে হাঁটতে সে ভাবছিল পুরনো দিনের কথা। নদীর ধারে বসে থাকা সেই মানুষটির কথা আজও মনে পড়ে।

গরিব হওয়া কোনো অপরাধ নয়, কিন্তু সমাজ তাকে অপরাধীর চোখে দেখে। লক্ষ্মণ দিনভর কাজ করে সন্ধ্যায় ঘরে ফেরে। তার ঘরে আলো নেই, খাবার নেই, তবু মুখে হাসি লেগে থাকে।

শিল্পকলা বিষয়ে তাঁর প্রবন্ধগুলো বাংলাদেশের শিল্পচর্চায় নতুন দৃষ্টিভঙ্গি এনেছে। চিত্রকলা, সংগীত ও সাহিত্যের মধ্যে সম্পর্ক খুঁজে দেখেছেন তিনি গভীর মনোযোগে।

গণেশ সেদিন সকালে বাজারে গিয়েছিল। পথে দেখা হলো পুরনো বন্ধুর সঙ্গে। দুজনে চায়ের দোকানে বসে অনেক কথা বলল। তারপর যে যার পথে চলে গেল, কিন্তু কথাগুলো রয়ে গেল মনে।

সৈয়দ মনজুরুল ইসলাম বাংলা সাহিত্যের একজন বহুমাত্রিক লেখক। তিনি কথাসাহিত্যিক, প্রাবন্ধিক, শিল্পসমালোচক এবং শিক্ষক হিসেবে সুপরিচিত। তাঁর লেখায় জীবনের গভীর উপলব্ধি ও সমাজের নানা দিক উঠে এসেছে।

ঢাকা বিশ্ববিদ্যালয়ের ইংরেজি বিভাগে দীর্ঘদিন অধ্যাপনা করেছেন তিনি। তাঁর গল্পে জাদুবাস্তবতার ছোঁয়া পাওয়া যায়, যা পাঠককে এক ভিন্ন জগতে নিয়ে যায়। ভাষার সরলতা ও গভীরতা তাঁর লেখার বৈশিষ্ট্য।

তুমি কেন এমন করে তাকিয়ে আছ? আমি তো কিছুই বলিনি। গ্রামের পথ ধরে হাঁটতে হাঁটতে সে ভাবছিল পুরনো দিনের কথা। নদীর ধারে বসে থাকা সেই মানুষটির কথা আজও মনে পড়ে।

গরিব হওয়া কোনো অপরাধ নয়, কিন্তু সমাজ তাকে অপরাধীর চোখে দেখে। লক্ষ্মণ দিনভর কাজ করে সন্ধ্যায় ঘরে ফেরে। তার ঘরে আলো নেই, খাবার নেই, তবু মুখে হাসি লেগে থাকে।

শিল্পকলা বিষয়ে তাঁর প্রবন্ধগুলো বাংলাদেশের শিল্পচর্চায় নতুন দৃষ্টিভঙ্গি এনেছে। চিত্রকলা, সংগীত ও সাহিত্যের মধ্যে সম্পর্ক খুঁজে দেখেছেন তিনি গভীর মনোযোগে।

গণেশ সেদিন সকালে বাজারে গিয়েছিল। পথে দেখা হলো পুরনো বন্ধুর সঙ্গে। দুজনে চায়ের দোকানে বসে অনেক কথা বলল। তারপর যে যার পথে চলে গেল, কিন্তু কথাগুলো রয়ে গেল মনে।

সৈয়দ মনজুরুল ইসলাম বাংলা সাহিত্যের একজন বহুমাত্রিক লেখক। তিনি কথাসাহিত্যিক, প্রাবন্ধিক, শিল্পসমালোচক এবং শিক্ষক হিসেবে সুপরিচিত। তাঁর লেখায় জীবনের গভীর উপলব্ধি ও সমাজের নানা দিক উঠে এসেছে।

ঢাকা বিশ্ববিদ্যালয়ের ইংরেজি বিভাগে দীর্ঘদিন অধ্যাপনা করেছেন তিনি। তাঁর গল্পে জাদুবাস্তবতার ছোঁয়া পাওয়া যায়, যা পাঠককে এক ভিন্ন জগতে নিয়ে যায়। ভাষার সরলতা ও গভীরতা তাঁর লেখার বৈশিষ্ট্য।

তুমি কেন এমন করে তাকিয়ে আছ? আমি তো কিছুই বলিনি। গ্রামের পথ ধরে হাঁটতে হাঁটতে সে ভাবছিল পুরনো দিনের কথা। নদীর ধারে বসে থাকা সেই মানুষটির কথা আজও মনে পড়ে।

গরিব হওয়া কোনো অপরাধ নয়, কিন্তু সমাজ তাকে অপরাধীর চোখে দেখে। লক্ষ্মণ দিনভর কাজ করে সন্ধ্যায় ঘরে ফেরে। তার ঘরে আলো নেই, খাবার নেই, তবু মুখে হাসি লেগে থাকে।

শিল্পকলা বিষয়ে তাঁর প্রবন্ধগুলো বাংলাদেশের শিল্পচর্চায় নতুন দৃষ্টিভঙ্গি এনেছে। চিত্রকলা, সংগীত ও সাহিত্যের মধ্যে সম্পর্ক খুঁজে দেখেছেন তিনি গভীর মনোযোগে।

গণেশ সেদিন সকালে বাজারে গিয়েছিল। পথে দেখা হলো পুরনো বন্ধুর সঙ্গে। দুজনে চায়ের দোকানে বসে অনেক কথা বলল। তারপর যে যার পথে চলে গেল, কিন্তু কথাগুলো রয়ে গেল মনে।

সৈয়দ মনজুরুল ইসলাম বাংলা সাহিত্যের একজন বহুমাত্রিক লেখক। তিনি কথাসাহিত্যিক, প্রাবন্ধিক, শিল্পসমালোচক এবং শিক্ষক হিসেবে
